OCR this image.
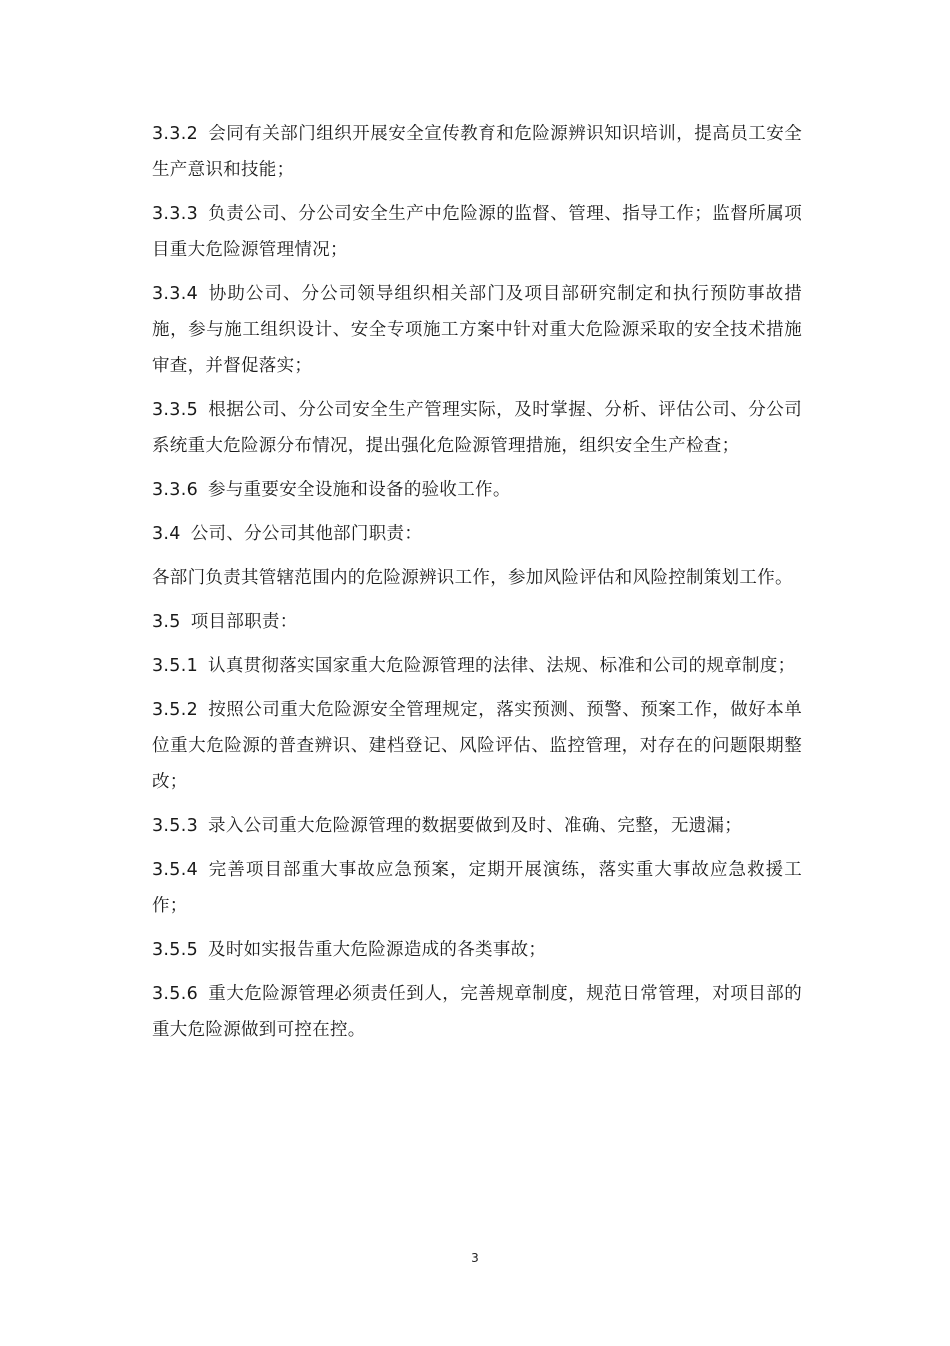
3.3.2 会同有关部门组织开展安全宣传教育和危险源辨识知识培训，提高员工安全生产意识和技能；

3.3.3 负责公司、分公司安全生产中危险源的监督、管理、指导工作；监督所属项目重大危险源管理情况；

3.3.4 协助公司、分公司领导组织相关部门及项目部研究制定和执行预防事故措施，参与施工组织设计、安全专项施工方案中针对重大危险源采取的安全技术措施审查，并督促落实；

3.3.5 根据公司、分公司安全生产管理实际，及时掌握、分析、评估公司、分公司系统重大危险源分布情况，提出强化危险源管理措施，组织安全生产检查；

3.3.6 参与重要安全设施和设备的验收工作。

3.4 公司、分公司其他部门职责：

各部门负责其管辖范围内的危险源辨识工作，参加风险评估和风险控制策划工作。

3.5 项目部职责：

3.5.1 认真贯彻落实国家重大危险源管理的法律、法规、标准和公司的规章制度；

3.5.2 按照公司重大危险源安全管理规定，落实预测、预警、预案工作，做好本单位重大危险源的普查辨识、建档登记、风险评估、监控管理，对存在的问题限期整改；

3.5.3 录入公司重大危险源管理的数据要做到及时、准确、完整，无遗漏；

3.5.4 完善项目部重大事故应急预案，定期开展演练，落实重大事故应急救援工作；

3.5.5 及时如实报告重大危险源造成的各类事故；

3.5.6 重大危险源管理必须责任到人，完善规章制度，规范日常管理，对项目部的重大危险源做到可控在控。

3
